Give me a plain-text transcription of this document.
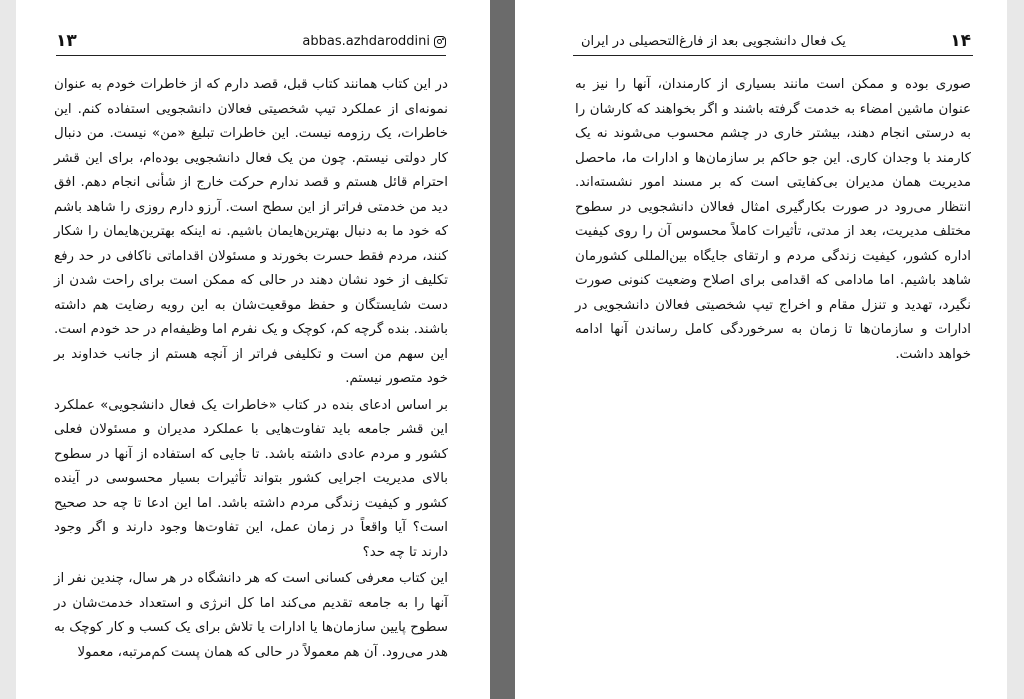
۱۳	abbas.azhdaroddini

در این کتاب همانند کتاب قبل، قصد دارم که از خاطرات خودم به عنوان نمونه‌ای از عملکرد تیپ شخصیتی فعالان دانشجویی استفاده کنم. این خاطرات، یک رزومه نیست. این خاطرات تبلیغ «من» نیست. من دنبال کار دولتی نیستم. چون من یک فعال دانشجویی بوده‌ام، برای این قشر احترام قائل هستم و قصد ندارم حرکت خارج از شأنی انجام دهم. افق دید من خدمتی فراتر از این سطح است. آرزو دارم روزی را شاهد باشم که خود ما به دنبال بهترین‌هایمان باشیم. نه اینکه بهترین‌هایمان را شکار کنند، مردم فقط حسرت بخورند و مسئولان اقداماتی ناکافی در حد رفع تکلیف از خود نشان دهند در حالی که ممکن است برای راحت شدن از دست شایستگان و حفظ موقعیت‌شان به این رویه رضایت هم داشته باشند. بنده گرچه کم، کوچک و یک نفرم اما وظیفه‌ام در حد خودم است. این سهم من است و تکلیفی فراتر از آنچه هستم از جانب خداوند بر خود متصور نیستم.

بر اساس ادعای بنده در کتاب «خاطرات یک فعال دانشجویی» عملکرد این قشر جامعه باید تفاوت‌هایی با عملکرد مدیران و مسئولان فعلی کشور و مردم عادی داشته باشد. تا جایی که استفاده از آنها در سطوح بالای مدیریت اجرایی کشور بتواند تأثیرات بسیار محسوسی در آینده کشور و کیفیت زندگی مردم داشته باشد. اما این ادعا تا چه حد صحیح است؟ آیا واقعاً در زمان عمل، این تفاوت‌ها وجود دارند و اگر وجود دارند تا چه حد؟

این کتاب معرفی کسانی است که هر دانشگاه در هر سال، چندین نفر از آنها را به جامعه تقدیم می‌کند اما کل انرژی و استعداد خدمت‌شان در سطوح پایین سازمان‌ها یا ادارات یا تلاش برای یک کسب و کار کوچک به هدر می‌رود. آن هم معمولاً در حالی که همان پست کم‌مرتبه، معمولا

یک فعال دانشجویی بعد از فارغ‌التحصیلی در ایران	۱۴

صوری بوده و ممکن است مانند بسیاری از کارمندان، آنها را نیز به عنوان ماشین امضاء به خدمت گرفته باشند و اگر بخواهند که کارشان را به درستی انجام دهند، بیشتر خاری در چشم محسوب می‌شوند نه یک کارمند با وجدان کاری. این جو حاکم بر سازمان‌ها و ادارات ما، ماحصل مدیریت همان مدیران بی‌کفایتی است که بر مسند امور نشسته‌اند. انتظار می‌رود در صورت بکارگیری امثال فعالان دانشجویی در سطوح مختلف مدیریت، بعد از مدتی، تأثیرات کاملاً محسوس آن را روی کیفیت اداره کشور، کیفیت زندگی مردم و ارتقای جایگاه بین‌المللی کشورمان شاهد باشیم. اما مادامی که اقدامی برای اصلاح وضعیت کنونی صورت نگیرد، تهدید و تنزل مقام و اخراج تیپ شخصیتی فعالان دانشجویی در ادارات و سازمان‌ها تا زمان به سرخوردگی کامل رساندن آنها ادامه خواهد داشت.
